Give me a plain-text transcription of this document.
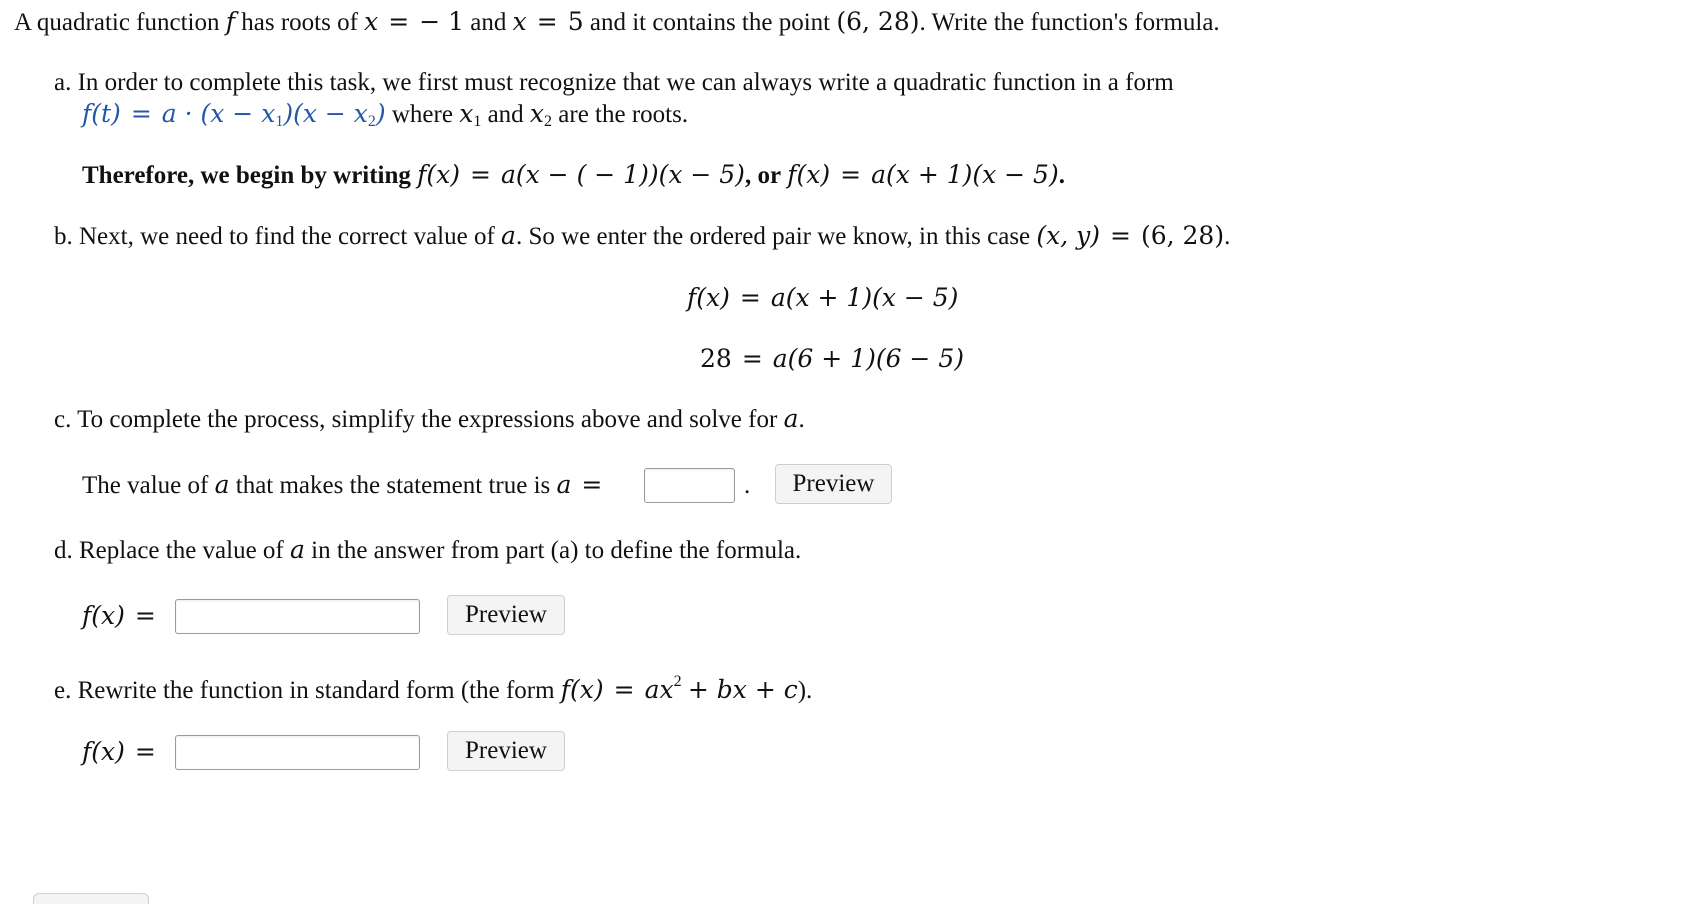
A quadratic function f has roots of x = − 1 and x = 5 and it contains the point (6, 28). Write the function's formula.
a. In order to complete this task, we first must recognize that we can always write a quadratic function in a form
$f(t) = a \cdot (x - x_1)(x - x_2)$ where $x_1$ and $x_2$ are the roots.
Therefore, we begin by writing f(x) = a(x − ( − 1))(x − 5), or f(x) = a(x + 1)(x − 5).
b. Next, we need to find the correct value of a. So we enter the ordered pair we know, in this case (x, y) = (6, 28).
f(x) = a(x + 1)(x − 5)
28 = a(6 + 1)(6 − 5)
c. To complete the process, simplify the expressions above and solve for a.
The value of a that makes the statement true is a =	.	Preview
d. Replace the value of a in the answer from part (a) to define the formula.
f(x) =	Preview
e. Rewrite the function in standard form (the form $f(x) = ax^2$ + bx + c).
f(x) =	Preview
